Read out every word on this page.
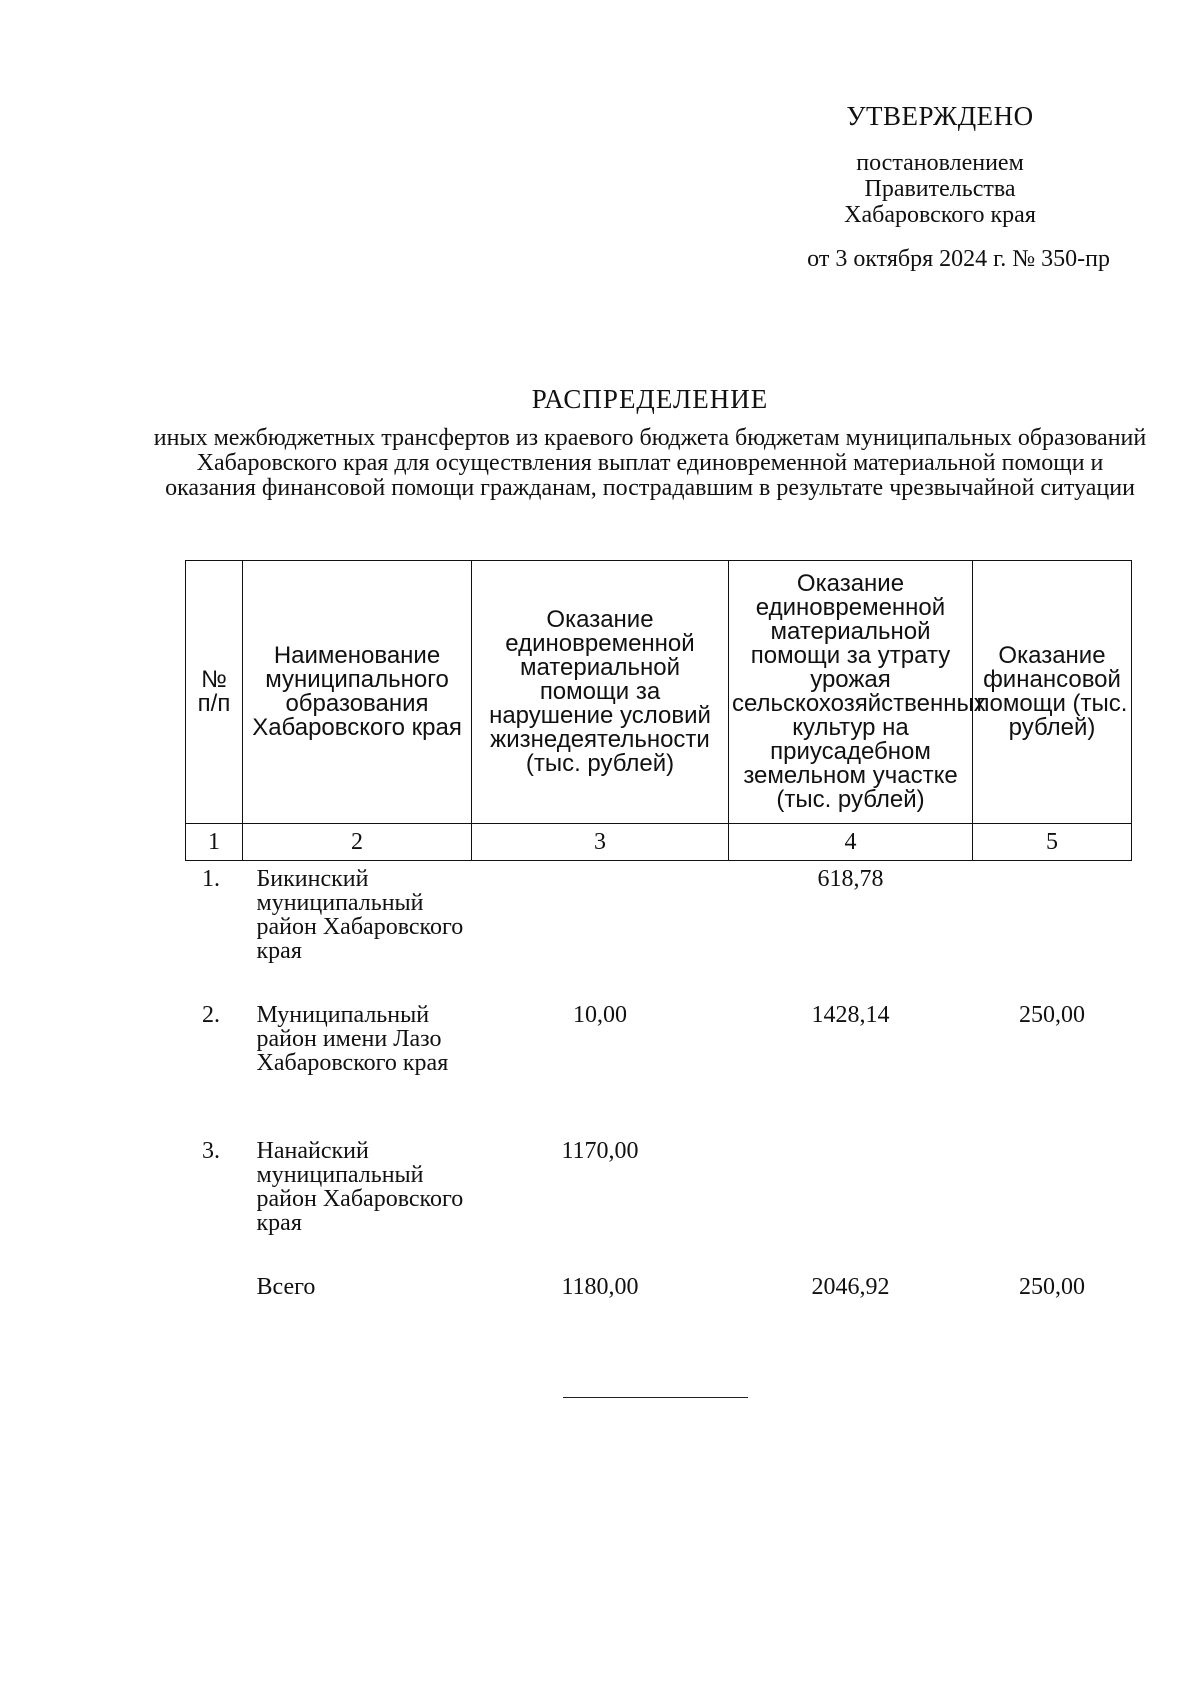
УТВЕРЖДЕНО
постановлением
Правительства
Хабаровского края
от 3 октября 2024 г. № 350-пр
РАСПРЕДЕЛЕНИЕ
иных межбюджетных трансфертов из краевого бюджета бюджетам муниципальных образований Хабаровского края для осуществления выплат единовременной материальной помощи и оказания финансовой помощи гражданам, пострадавшим в результате чрезвычайной ситуации
№ п/п	Наименование муниципального образования Хабаровского края	Оказание единовременной материальной помощи за нарушение условий жизнедеятельности (тыс. рублей)	Оказание единовременной материальной помощи за утрату урожая сельскохозяйственных культур на приусадебном земельном участке (тыс. рублей)	Оказание финансовой помощи (тыс. рублей)
1	2	3	4	5
1.	Бикинский муниципальный район Хабаровского края		618,78	
2.	Муниципальный район имени Лазо Хабаровского края	10,00	1428,14	250,00
3.	Нанайский муниципальный район Хабаровского края	1170,00		
	Всего	1180,00	2046,92	250,00
